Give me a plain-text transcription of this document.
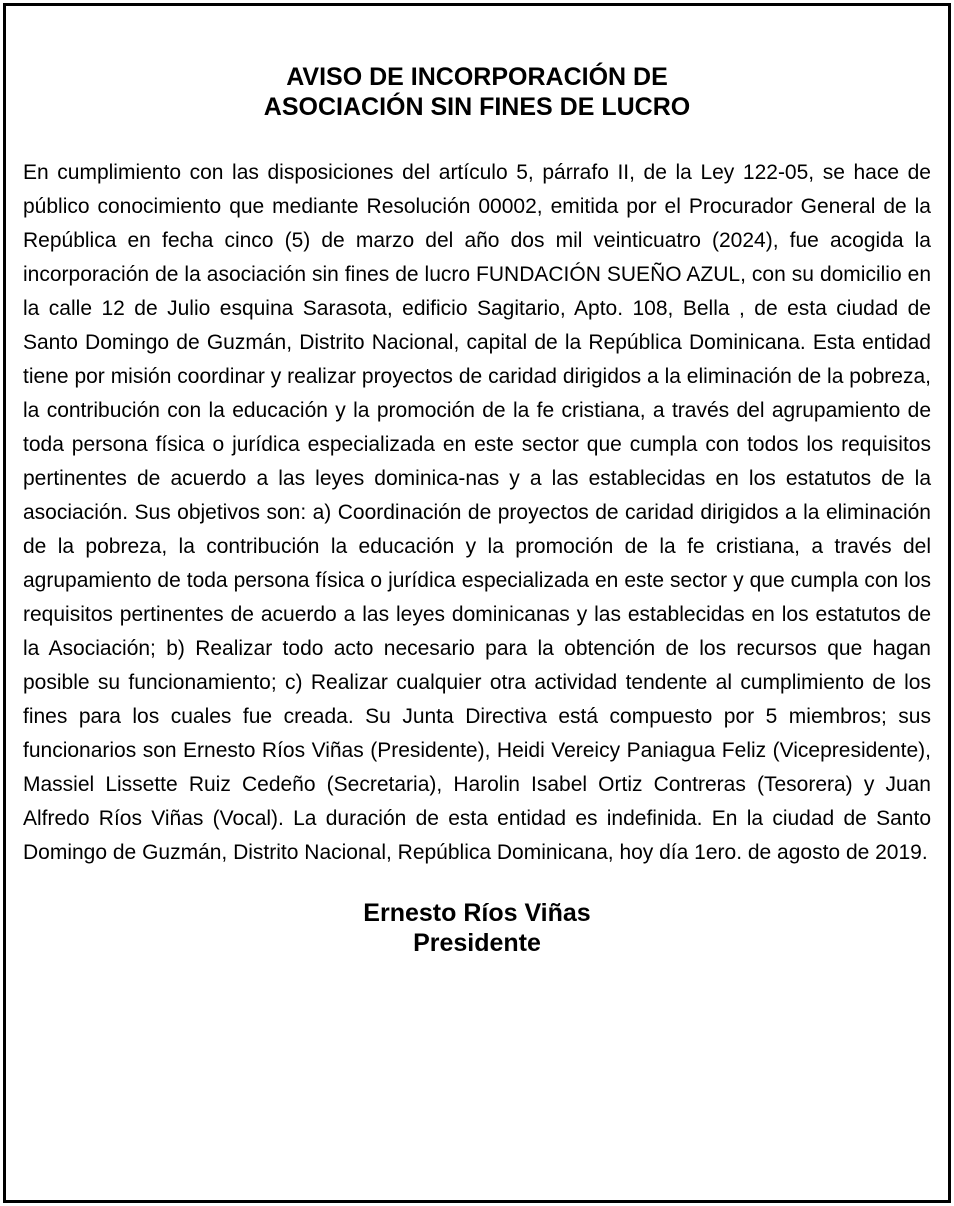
AVISO DE INCORPORACIÓN DE
ASOCIACIÓN SIN FINES DE LUCRO

En cumplimiento con las disposiciones del artículo 5, párrafo II, de la Ley 122-05, se hace de público conocimiento que mediante Resolución 00002, emitida por el Procurador General de la República en fecha cinco (5) de marzo del año dos mil veinticuatro (2024), fue acogida la incorporación de la asociación sin fines de lucro FUNDACIÓN SUEÑO AZUL, con su domicilio en la calle 12 de Julio esquina Sarasota, edificio Sagitario, Apto. 108, Bella , de esta ciudad de Santo Domingo de Guzmán, Distrito Nacional, capital de la República Dominicana. Esta entidad tiene por misión coordinar y realizar proyectos de caridad dirigidos a la eliminación de la pobreza, la contribución con la educación y la promoción de la fe cristiana, a través del agrupamiento de toda persona física o jurídica especializada en este sector que cumpla con todos los requisitos pertinentes de acuerdo a las leyes dominica-nas y a las establecidas en los estatutos de la asociación. Sus objetivos son: a) Coordinación de proyectos de caridad dirigidos a la eliminación de la pobreza, la contribución la educación y la promoción de la fe cristiana, a través del agrupamiento de toda persona física o jurídica especializada en este sector y que cumpla con los requisitos pertinentes de acuerdo a las leyes dominicanas y las establecidas en los estatutos de la Asociación; b) Realizar todo acto necesario para la obtención de los recursos que hagan posible su funcionamiento; c) Realizar cualquier otra actividad tendente al cumplimiento de los fines para los cuales fue creada. Su Junta Directiva está compuesto por 5 miembros; sus funcionarios son Ernesto Ríos Viñas (Presidente), Heidi Vereicy Paniagua Feliz (Vicepresidente), Massiel Lissette Ruiz Cedeño (Secretaria), Harolin Isabel Ortiz Contreras (Tesorera) y Juan Alfredo Ríos Viñas (Vocal). La duración de esta entidad es indefinida. En la ciudad de Santo Domingo de Guzmán, Distrito Nacional, República Dominicana, hoy día 1ero. de agosto de 2019.

Ernesto Ríos Viñas
Presidente
